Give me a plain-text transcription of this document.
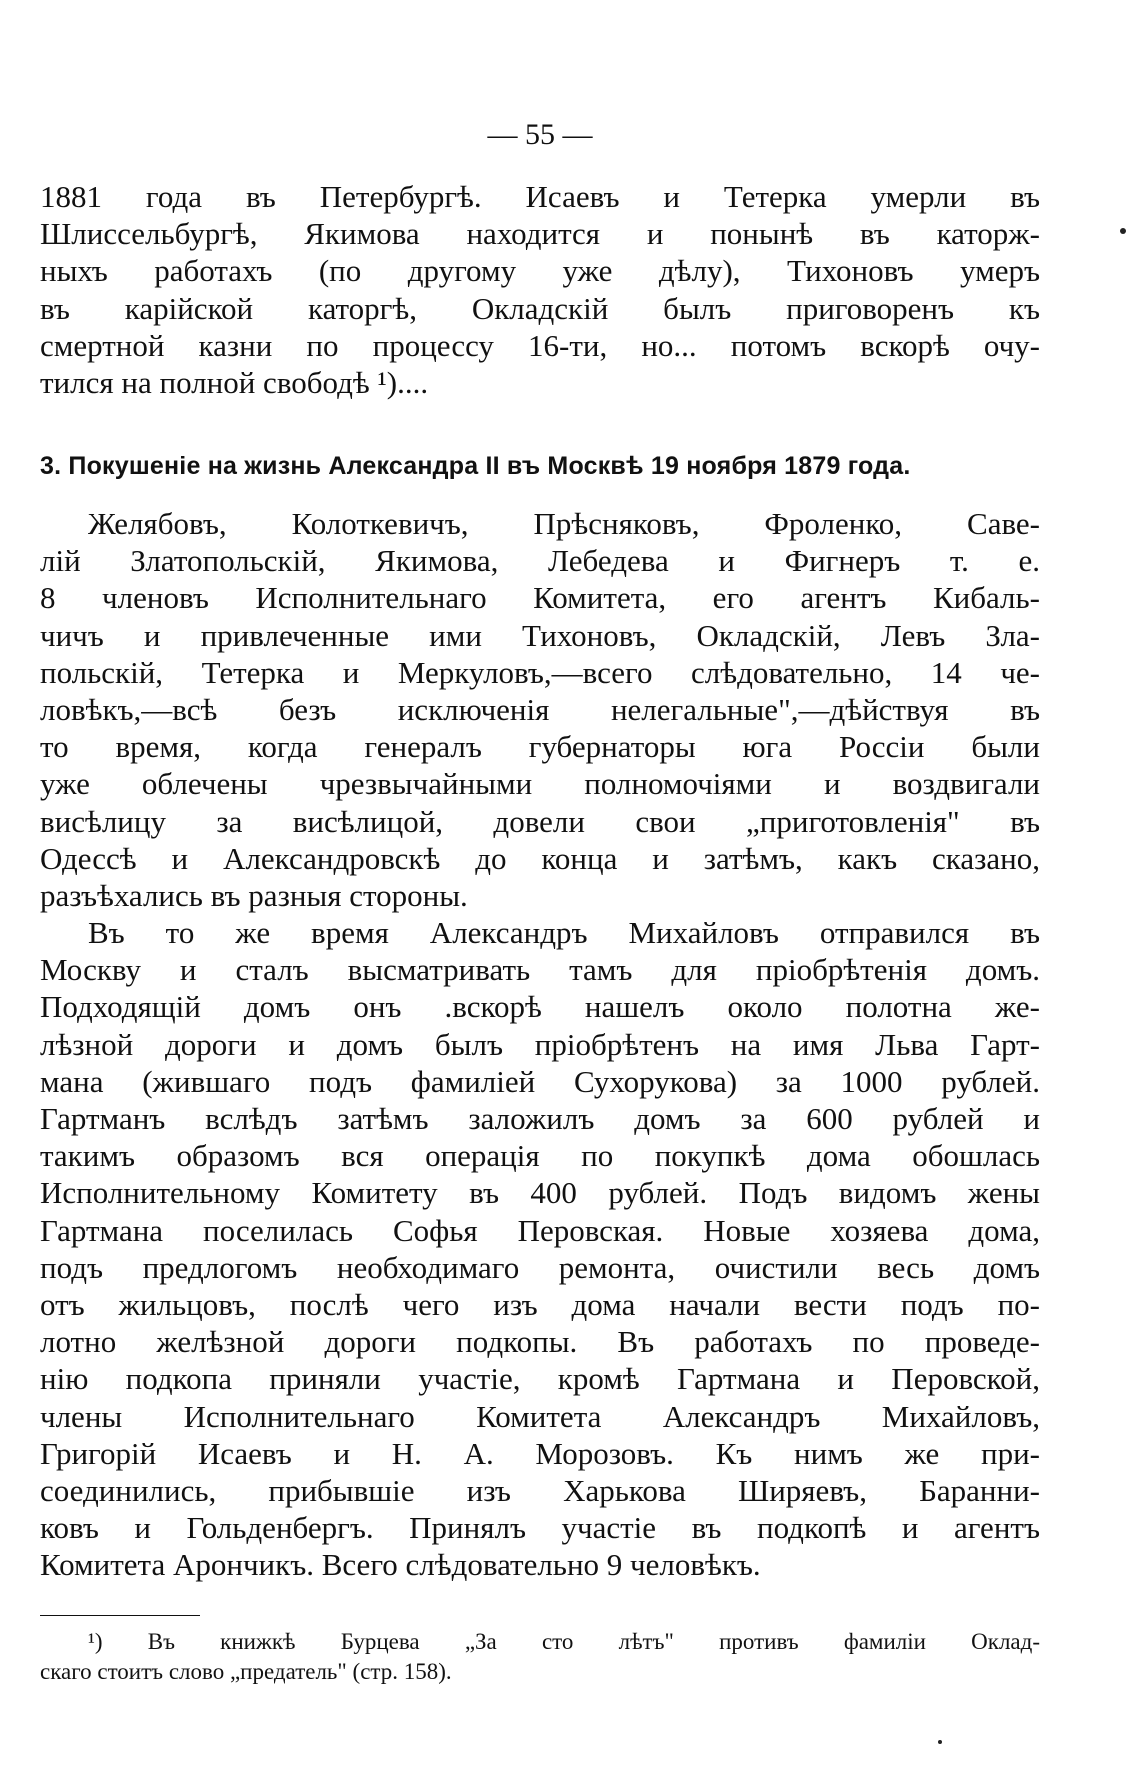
— 55 —
1881 года въ Петербургѣ. Исаевъ и Тетерка умерли въ
Шлиссельбургѣ, Якимова находится и понынѣ въ каторж-
ныхъ работахъ (по другому уже дѣлу), Тихоновъ умеръ
въ карійской каторгѣ, Окладскій былъ приговоренъ къ
смертной казни по процессу 16-ти, но... потомъ вскорѣ очу-
тился на полной свободѣ ¹)....
3. Покушеніе на жизнь Александра II въ Москвѣ 19 ноября 1879 года.
Желябовъ, Колоткевичъ, Прѣсняковъ, Фроленко, Саве-
лій Златопольскій, Якимова, Лебедева и Фигнеръ т. е.
8 членовъ Исполнительнаго Комитета, его агентъ Кибаль-
чичъ и привлеченные ими Тихоновъ, Окладскій, Левъ Зла-
польскій, Тетерка и Меркуловъ,—всего слѣдовательно, 14 че-
ловѣкъ,—всѣ безъ исключенія нелегальные",—дѣйствуя въ
то время, когда генералъ губернаторы юга Россіи были
уже облечены чрезвычайными полномочіями и воздвигали
висѣлицу за висѣлицой, довели свои „приготовленія" въ
Одессѣ и Александровскѣ до конца и затѣмъ, какъ сказано,
разъѣхались въ разныя стороны.
Въ то же время Александръ Михайловъ отправился въ
Москву и сталъ высматривать тамъ для пріобрѣтенія домъ.
Подходящій домъ онъ .вскорѣ нашелъ около полотна же-
лѣзной дороги и домъ былъ пріобрѣтенъ на имя Льва Гарт-
мана (жившаго подъ фамиліей Сухорукова) за 1000 рублей.
Гартманъ вслѣдъ затѣмъ заложилъ домъ за 600 рублей и
такимъ образомъ вся операція по покупкѣ дома обошлась
Исполнительному Комитету въ 400 рублей. Подъ видомъ жены
Гартмана поселилась Софья Перовская. Новые хозяева дома,
подъ предлогомъ необходимаго ремонта, очистили весь домъ
отъ жильцовъ, послѣ чего изъ дома начали вести подъ по-
лотно желѣзной дороги подкопы. Въ работахъ по проведе-
нію подкопа приняли участіе, кромѣ Гартмана и Перовской,
члены Исполнительнаго Комитета Александръ Михайловъ,
Григорій Исаевъ и Н. А. Морозовъ. Къ нимъ же при-
соединились, прибывшіе изъ Харькова Ширяевъ, Баранни-
ковъ и Гольденбергъ. Принялъ участіе въ подкопѣ и агентъ
Комитета Арончикъ. Всего слѣдовательно 9 человѣкъ.
¹) Въ книжкѣ Бурцева „За сто лѣтъ" противъ фамиліи Оклад-
скаго стоитъ слово „предатель" (стр. 158).
